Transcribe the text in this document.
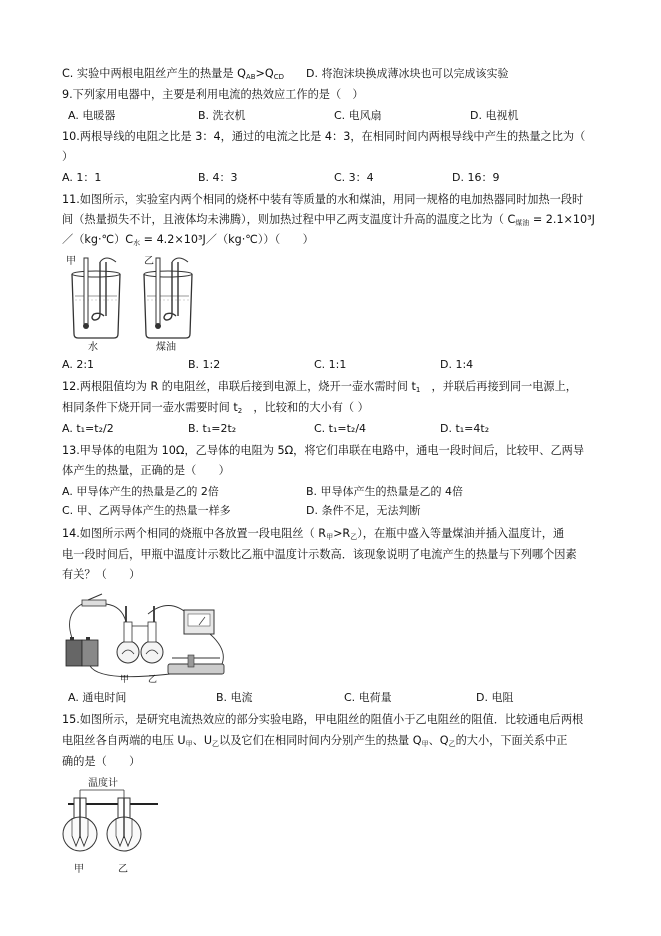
C. 实验中两根电阻丝产生的热量是 $Q_{AB}>Q_{CD}$ D. 将泡沫块换成薄冰块也可以完成该实验
9.下列家用电器中，主要是利用电流的热效应工作的是（　）
A. 电暖器	B. 洗衣机	C. 电风扇	D. 电视机
10.两根导线的电阻之比是 3：4，通过的电流之比是 4：3，在相同时间内两根导线中产生的热量之比为（
）
A. 1：1	B. 4：3	C. 3：4	D. 16：9
11.如图所示，实验室内两个相同的烧杯中装有等质量的水和煤油，用同一规格的电加热器同时加热一段时
间（热量损失不计，且液体均未沸腾），则加热过程中甲乙两支温度计升高的温度之比为（ $C_{煤油} = 2.1\times 10^3J$
$/(kg\cdot℃)C_水$ = 4.2×10³J／（kg·℃））（　　）
甲	乙
水	煤油
A. 2:1	B. 1:2	C. 1:1	D. 1:4
12.两根阻值均为 R 的电阻丝，串联后接到电源上，烧开一壶水需时间 $t_1$　，并联后再接到同一电源上，
相同条件下烧开同一壶水需要时间 $t_2$　，比较和的大小有（ ）
A. t₁=t₂/2	B. t₁=2t₂	C. t₁=t₂/4	D. t₁=4t₂
13.甲导体的电阻为 10Ω，乙导体的电阻为 5Ω，将它们串联在电路中，通电一段时间后，比较甲、乙两导
体产生的热量，正确的是（　　）
A. 甲导体产生的热量是乙的 2倍	B. 甲导体产生的热量是乙的 4倍
C. 甲、乙两导体产生的热量一样多	D. 条件不足，无法判断
14.如图所示两个相同的烧瓶中各放置一段电阻丝（ $R_甲>R_乙$），在瓶中盛入等量煤油并插入温度计，通
电一段时间后，甲瓶中温度计示数比乙瓶中温度计示数高．该现象说明了电流产生的热量与下列哪个因素
有关？（　　）
甲 乙
A. 通电时间	B. 电流	C. 电荷量	D. 电阻
15.如图所示，是研究电流热效应的部分实验电路，甲电阻丝的阻值小于乙电阻丝的阻值．比较通电后两根
电阻丝各自两端的电压 $U_甲$、$U_乙$以及它们在相同时间内分别产生的热量 $Q_甲$、$Q_乙$的大小，下面关系中正
确的是（　　）
温度计
甲	乙
